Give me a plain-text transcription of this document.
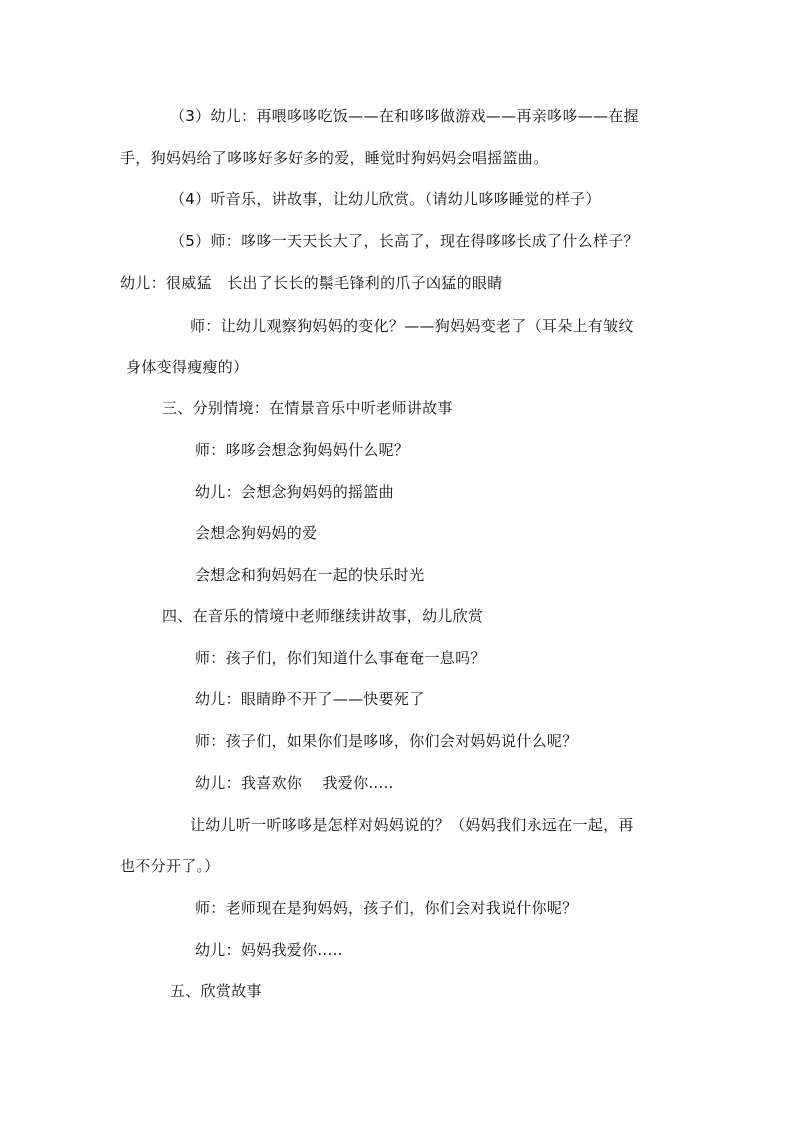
（3）幼儿：再喂哆哆吃饭——在和哆哆做游戏——再亲哆哆——在握
手，狗妈妈给了哆哆好多好多的爱，睡觉时狗妈妈会唱摇篮曲。
（4）听音乐，讲故事，让幼儿欣赏。（请幼儿哆哆睡觉的样子）
（5）师：哆哆一天天长大了，长高了，现在得哆哆长成了什么样子？
幼儿：很威猛　长出了长长的鬃毛锋利的爪子凶猛的眼睛
师：让幼儿观察狗妈妈的变化？——狗妈妈变老了（耳朵上有皱纹
身体变得瘦瘦的）
三、分别情境：在情景音乐中听老师讲故事
师：哆哆会想念狗妈妈什么呢？
幼儿：会想念狗妈妈的摇篮曲
会想念狗妈妈的爱
会想念和狗妈妈在一起的快乐时光
四、在音乐的情境中老师继续讲故事，幼儿欣赏
师：孩子们，你们知道什么事奄奄一息吗？
幼儿：眼睛睁不开了——快要死了
师：孩子们，如果你们是哆哆，你们会对妈妈说什么呢？
幼儿：我喜欢你　 我爱你.....
让幼儿听一听哆哆是怎样对妈妈说的？（妈妈我们永远在一起，再
也不分开了。）
师：老师现在是狗妈妈，孩子们，你们会对我说什你呢？
幼儿：妈妈我爱你.....
五、欣赏故事
